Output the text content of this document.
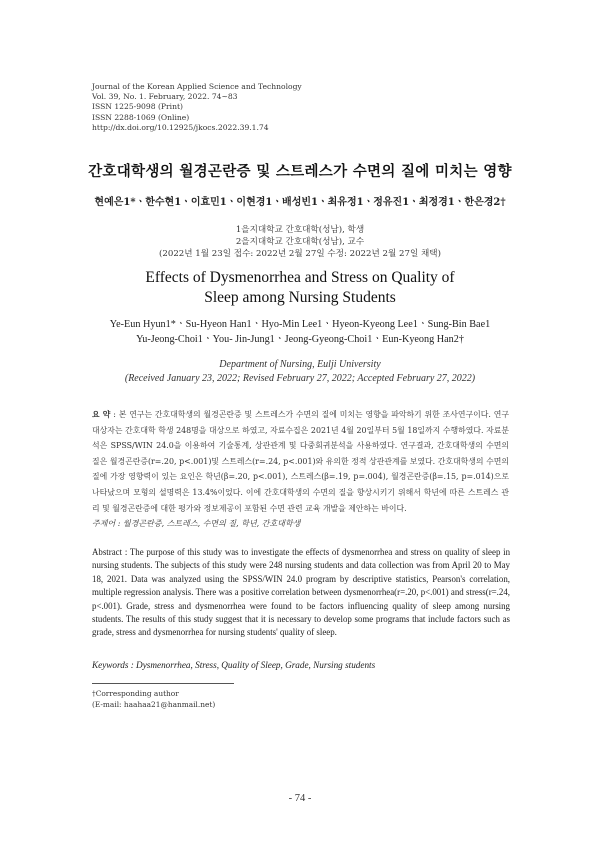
Journal of the Korean Applied Science and Technology
Vol. 39, No. 1. February, 2022. 74~83
ISSN 1225-9098 (Print)
ISSN 2288-1069 (Online)
http://dx.doi.org/10.12925/jkocs.2022.39.1.74
간호대학생의 월경곤란증 및 스트레스가 수면의 질에 미치는 영향
현예은1*ㆍ한수현1ㆍ이효민1ㆍ이현경1ㆍ배성빈1ㆍ최유정1ㆍ정유진1ㆍ최정경1ㆍ한은경2†
1을지대학교 간호대학(성남), 학생
2을지대학교 간호대학(성남), 교수
(2022년 1월 23일 접수: 2022년 2월 27일 수정: 2022년 2월 27일 채택)
Effects of Dysmenorrhea and Stress on Quality of
Sleep among Nursing Students
Ye-Eun Hyun1*ㆍSu-Hyeon Han1ㆍHyo-Min Lee1ㆍHyeon-Kyeong Lee1ㆍSung-Bin Bae1
Yu-Jeong-Choi1ㆍYou- Jin-Jung1ㆍJeong-Gyeong-Choi1ㆍEun-Kyeong Han2†
Department of Nursing, Eulji University
(Received January 23, 2022; Revised February 27, 2022; Accepted February 27, 2022)
요 약 : 본 연구는 간호대학생의 월경곤란증 및 스트레스가 수면의 질에 미치는 영향을 파악하기 위한 조사연구이다. 연구 대상자는 간호대학 학생 248명을 대상으로 하였고, 자료수집은 2021년 4월 20일부터 5월 18일까지 수행하였다. 자료분석은 SPSS/WIN 24.0을 이용하여 기술통계, 상관관계 및 다중회귀분석을 사용하였다. 연구결과, 간호대학생의 수면의 질은 월경곤란증(r=.20, p<.001)및 스트레스(r=.24, p<.001)와 유의한 정적 상관관계를 보였다. 간호대학생의 수면의 질에 가장 영향력이 있는 요인은 학년(β=.20, p<.001), 스트레스(β=.19, p=.004), 월경곤란증(β=.15, p=.014)으로 나타났으며 모형의 설명력은 13.4%이었다. 이에 간호대학생의 수면의 질을 향상시키기 위해서 학년에 따른 스트레스 관리 및 월경곤란증에 대한 평가와 정보제공이 포함된 수면 관련 교육 개발을 제안하는 바이다.
주제어 : 월경곤란증, 스트레스, 수면의 질, 학년, 간호대학생
Abstract : The purpose of this study was to investigate the effects of dysmenorrhea and stress on quality of sleep in nursing students. The subjects of this study were 248 nursing students and data collection was from April 20 to May 18, 2021. Data was analyzed using the SPSS/WIN 24.0 program by descriptive statistics, Pearson's correlation, multiple regression analysis. There was a positive correlation between dysmenorrhea(r=.20, p<.001) and stress(r=.24, p<.001). Grade, stress and dysmenorrhea were found to be factors influencing quality of sleep among nursing students. The results of this study suggest that it is necessary to develop some programs that include factors such as grade, stress and dysmenorrhea for nursing students' quality of sleep.
Keywords : Dysmenorrhea, Stress, Quality of Sleep, Grade, Nursing students
†Corresponding author
(E-mail: haahaa21@hanmail.net)
- 74 -
